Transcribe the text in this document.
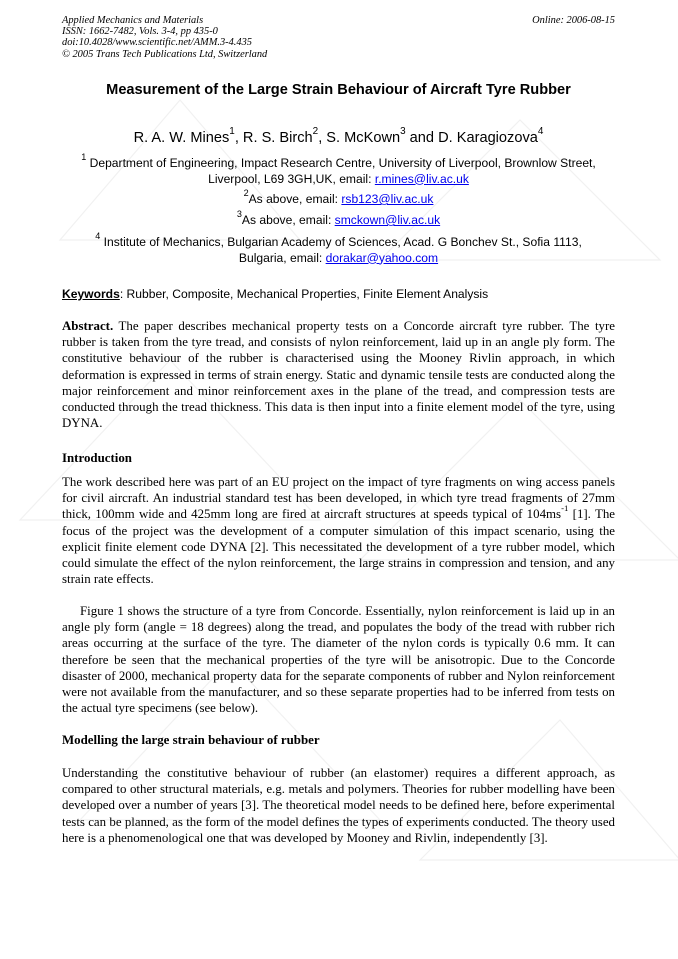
Applied Mechanics and Materials
ISSN: 1662-7482, Vols. 3-4, pp 435-0
doi:10.4028/www.scientific.net/AMM.3-4.435
© 2005 Trans Tech Publications Ltd, Switzerland
Online: 2006-08-15
Measurement of the Large Strain Behaviour of Aircraft Tyre Rubber
R. A. W. Mines$^1$, R. S. Birch$^2$, S. McKown$^3$ and D. Karagiozova$^4$
$^1$ Department of Engineering, Impact Research Centre, University of Liverpool, Brownlow Street,
Liverpool, L69 3GH,UK, email: r.mines@liv.ac.uk
$^2$As above, email: rsb123@liv.ac.uk
$^3$As above, email: smckown@liv.ac.uk
$^4$ Institute of Mechanics, Bulgarian Academy of Sciences, Acad. G Bonchev St., Sofia 1113,
Bulgaria, email: dorakar@yahoo.com
Keywords: Rubber, Composite, Mechanical Properties, Finite Element Analysis
Abstract. The paper describes mechanical property tests on a Concorde aircraft tyre rubber. The tyre rubber is taken from the tyre tread, and consists of nylon reinforcement, laid up in an angle ply form. The constitutive behaviour of the rubber is characterised using the Mooney Rivlin approach, in which deformation is expressed in terms of strain energy. Static and dynamic tensile tests are conducted along the major reinforcement and minor reinforcement axes in the plane of the tread, and compression tests are conducted through the tread thickness. This data is then input into a finite element model of the tyre, using DYNA.
Introduction
The work described here was part of an EU project on the impact of tyre fragments on wing access panels for civil aircraft. An industrial standard test has been developed, in which tyre tread fragments of 27mm thick, 100mm wide and 425mm long are fired at aircraft structures at speeds typical of $104ms^{-1}$ [1]. The focus of the project was the development of a computer simulation of this impact scenario, using the explicit finite element code DYNA [2]. This necessitated the development of a tyre rubber model, which could simulate the effect of the nylon reinforcement, the large strains in compression and tension, and any strain rate effects.
Figure 1 shows the structure of a tyre from Concorde. Essentially, nylon reinforcement is laid up in an angle ply form (angle = 18 degrees) along the tread, and populates the body of the tread with rubber rich areas occurring at the surface of the tyre. The diameter of the nylon cords is typically 0.6 mm. It can therefore be seen that the mechanical properties of the tyre will be anisotropic. Due to the Concorde disaster of 2000, mechanical property data for the separate components of rubber and Nylon reinforcement were not available from the manufacturer, and so these separate properties had to be inferred from tests on the actual tyre specimens (see below).
Modelling the large strain behaviour of rubber
Understanding the constitutive behaviour of rubber (an elastomer) requires a different approach, as compared to other structural materials, e.g. metals and polymers. Theories for rubber modelling have been developed over a number of years [3]. The theoretical model needs to be defined here, before experimental tests can be planned, as the form of the model defines the types of experiments conducted. The theory used here is a phenomenological one that was developed by Mooney and Rivlin, independently [3].
